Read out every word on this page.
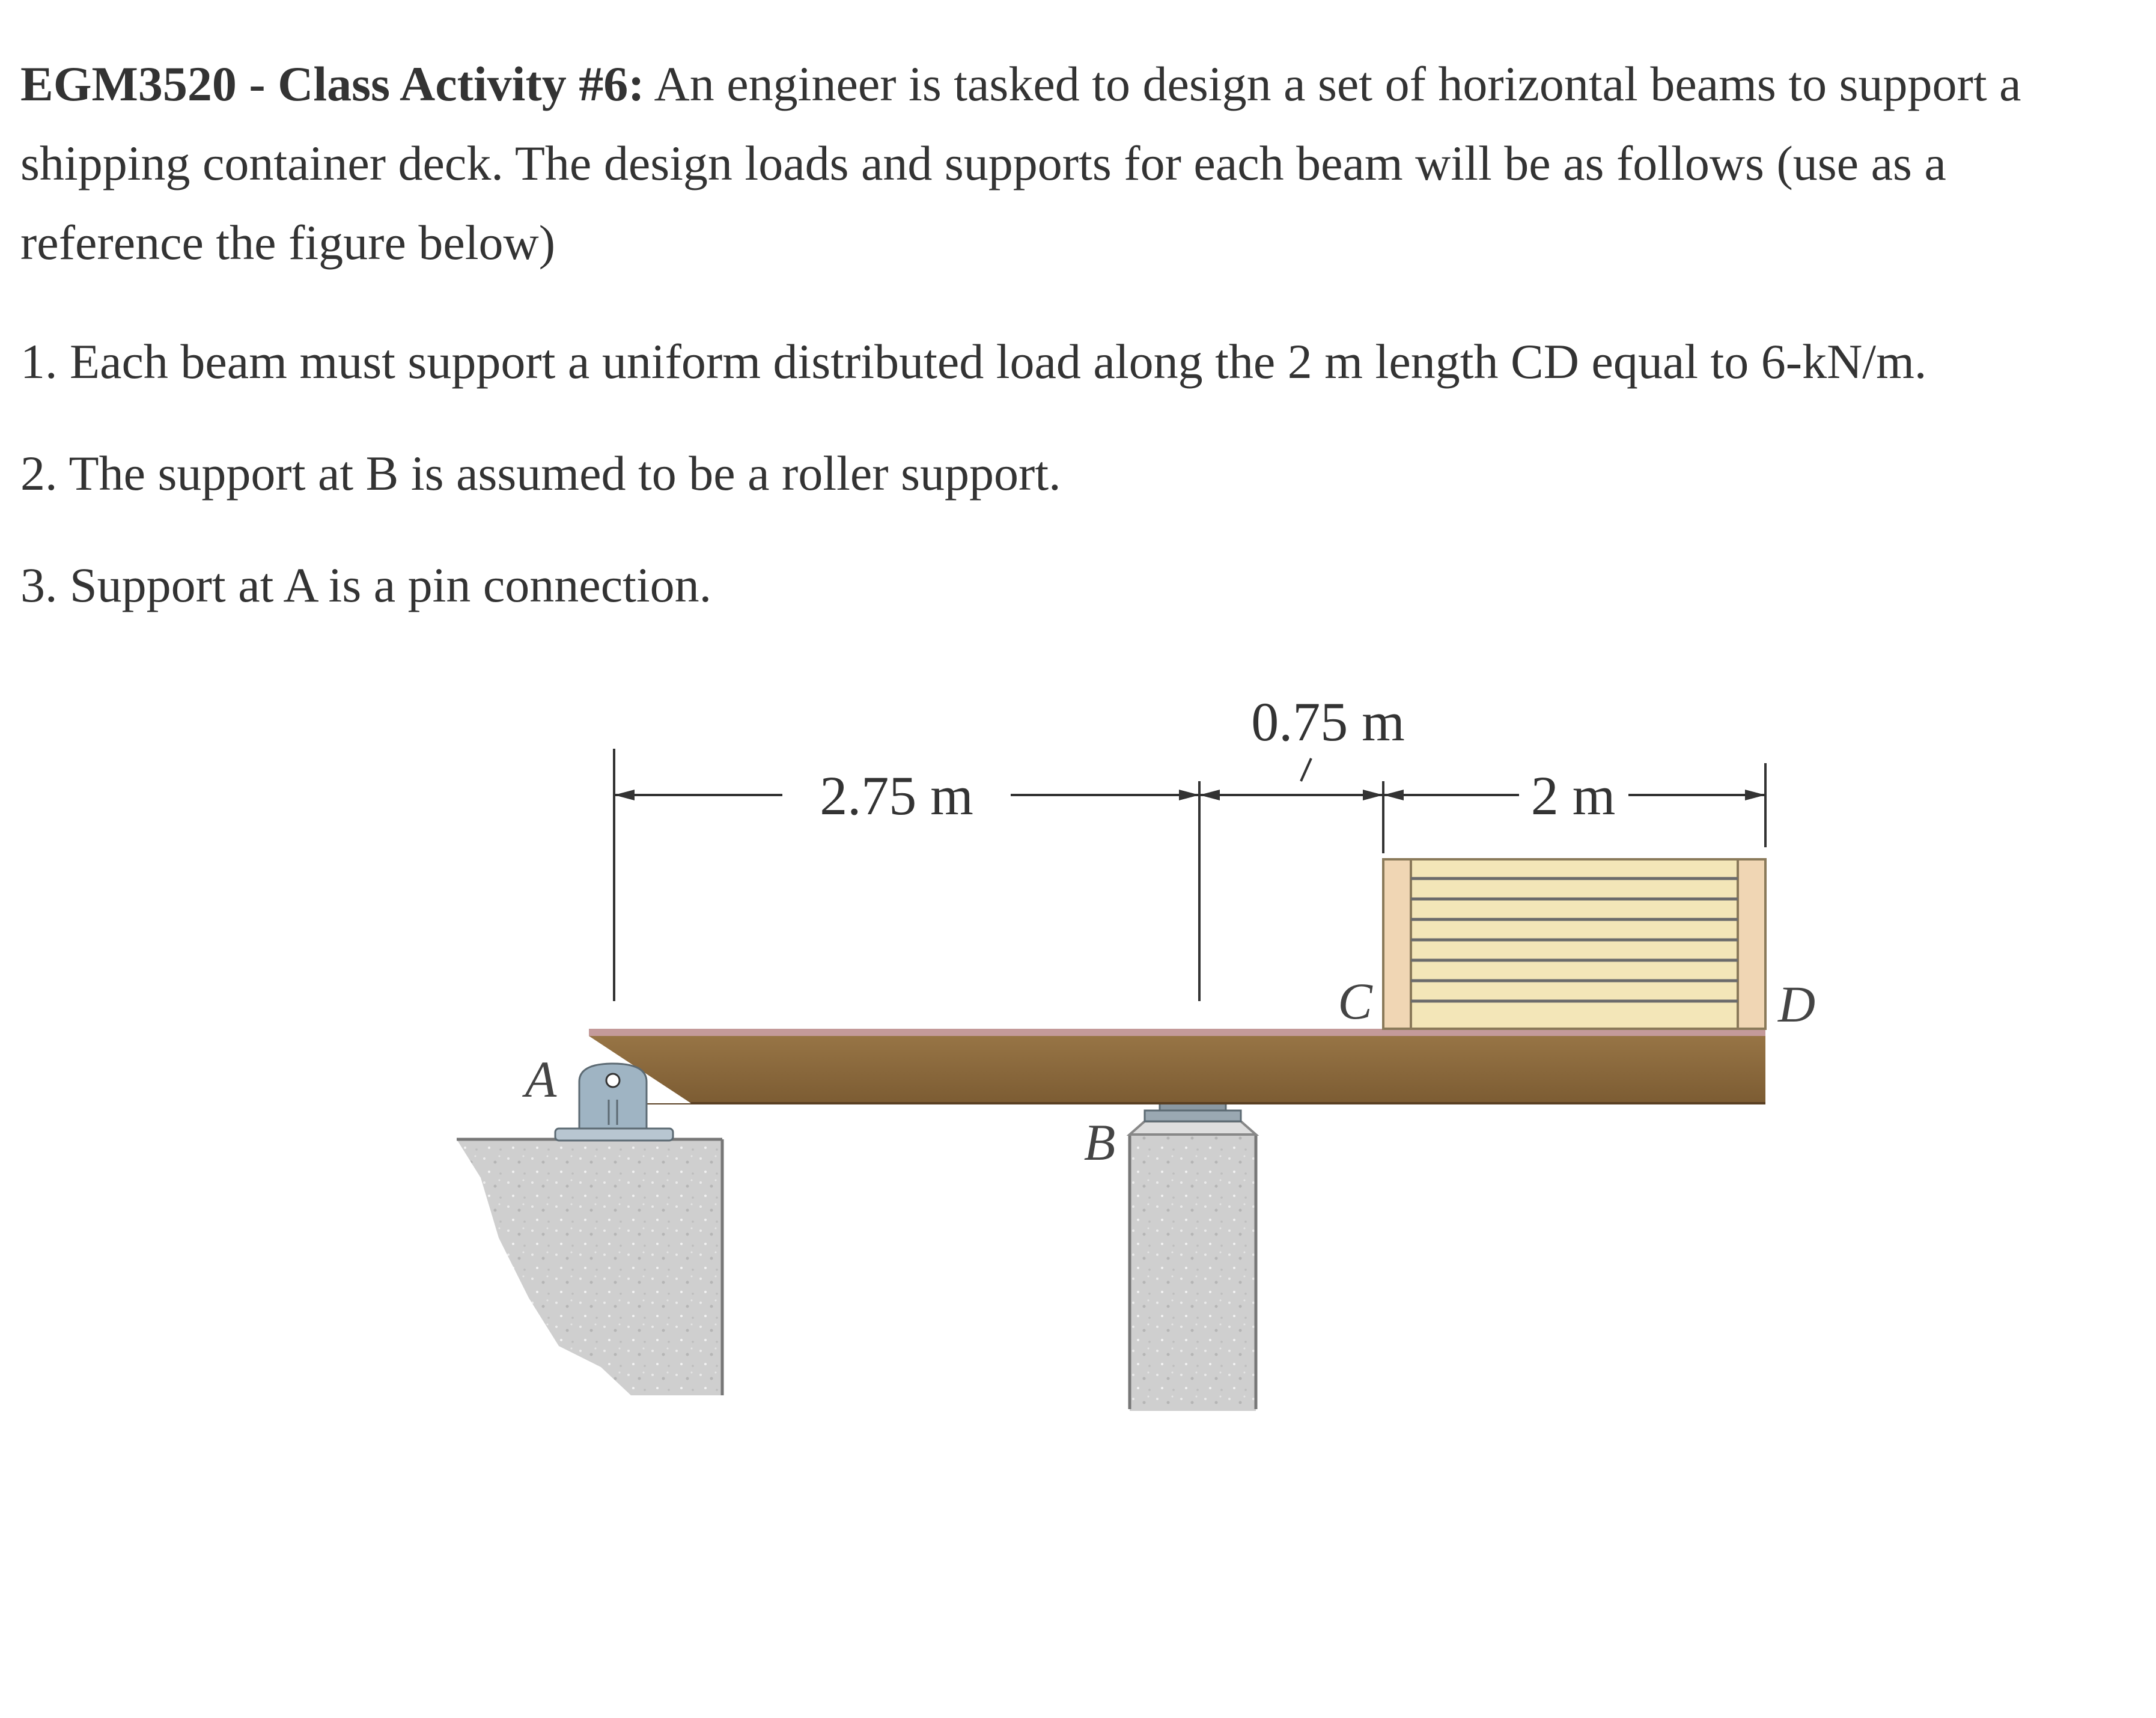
EGM3520 - Class Activity #6: An engineer is tasked to design a set of horizontal beams to support a

shipping container deck. The design loads and supports for each beam will be as follows (use as a

reference the figure below)

1. Each beam must support a uniform distributed load along the 2 m length CD equal to 6-kN/m.

2. The support at B is assumed to be a roller support.

3. Support at A is a pin connection.

2.75 m
0.75 m
2 m
A
B
C	D
